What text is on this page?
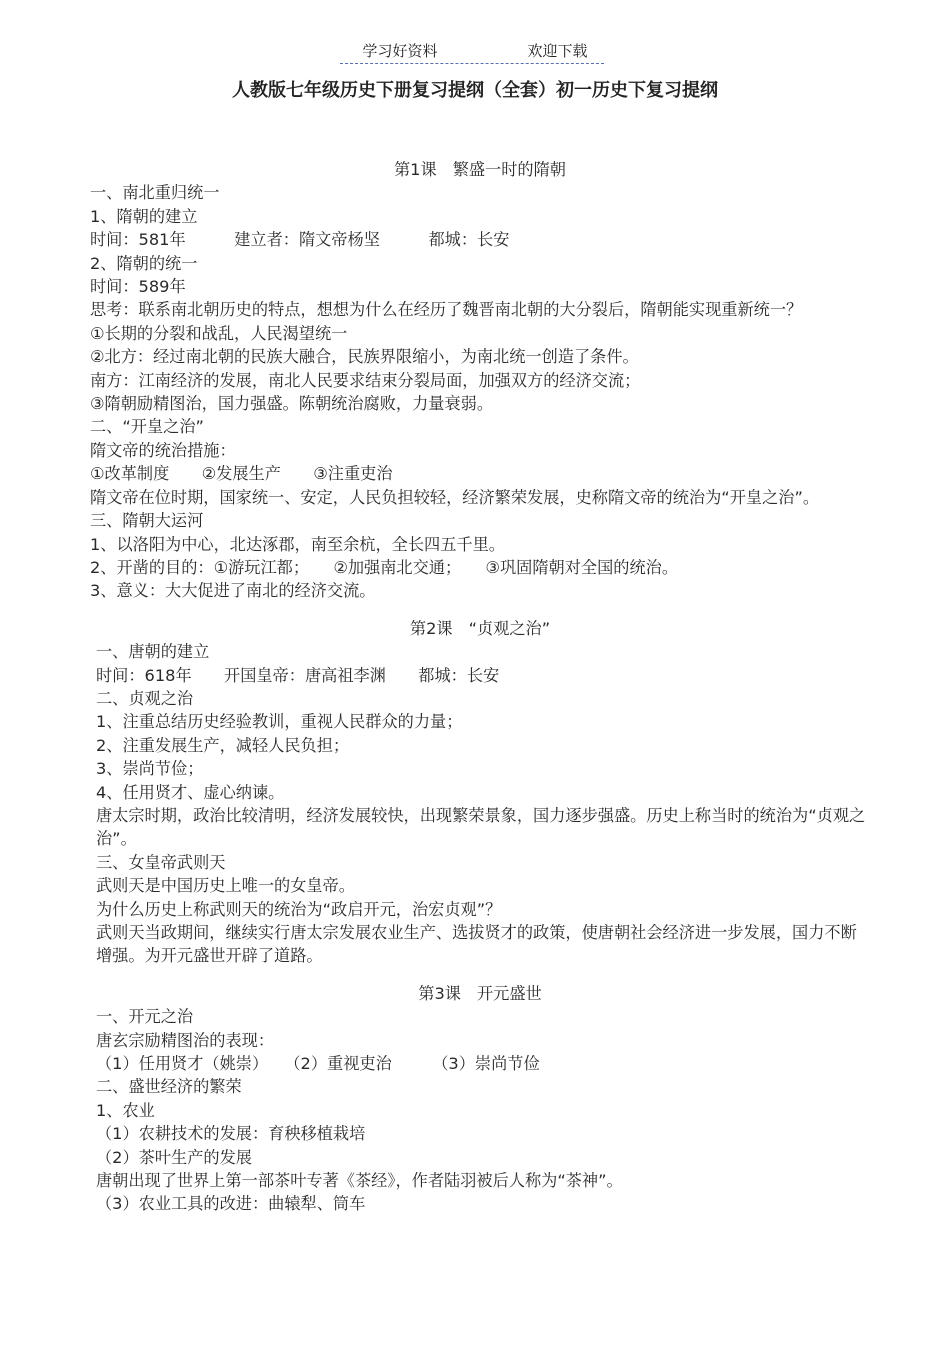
学习好资料	欢迎下载
人教版七年级历史下册复习提纲（全套）初一历史下复习提纲

第1课 繁盛一时的隋朝

一、南北重归统一

1、隋朝的建立

时间：581年　　　建立者：隋文帝杨坚　　　都城：长安

2、隋朝的统一

时间：589年

思考：联系南北朝历史的特点，想想为什么在经历了魏晋南北朝的大分裂后，隋朝能实现重新统一？

①长期的分裂和战乱，人民渴望统一

②北方：经过南北朝的民族大融合，民族界限缩小，为南北统一创造了条件。

南方：江南经济的发展，南北人民要求结束分裂局面，加强双方的经济交流；

③隋朝励精图治，国力强盛。陈朝统治腐败，力量衰弱。

二、“开皇之治”

隋文帝的统治措施：

①改革制度　　②发展生产　　③注重吏治

隋文帝在位时期，国家统一、安定，人民负担较轻，经济繁荣发展，史称隋文帝的统治为“开皇之治”。

三、隋朝大运河

1、以洛阳为中心，北达涿郡，南至余杭，全长四五千里。

2、开凿的目的：①游玩江都；　　②加强南北交通；　　③巩固隋朝对全国的统治。

3、意义：大大促进了南北的经济交流。

第2课 “贞观之治”

一、唐朝的建立

时间：618年　　开国皇帝：唐高祖李渊　　都城：长安

二、贞观之治

1、注重总结历史经验教训，重视人民群众的力量；

2、注重发展生产，减轻人民负担；

3、崇尚节俭；

4、任用贤才、虚心纳谏。

唐太宗时期，政治比较清明，经济发展较快，出现繁荣景象，国力逐步强盛。历史上称当时的统治为“贞观之治”。

三、女皇帝武则天

武则天是中国历史上唯一的女皇帝。

为什么历史上称武则天的统治为“政启开元，治宏贞观”？

武则天当政期间，继续实行唐太宗发展农业生产、选拔贤才的政策，使唐朝社会经济进一步发展，国力不断增强。为开元盛世开辟了道路。

第3课 开元盛世

一、开元之治

唐玄宗励精图治的表现：

（1）任用贤才（姚崇）　　（2）重视吏治　　　（3）崇尚节俭

二、盛世经济的繁荣

1、农业

（1）农耕技术的发展：育秧移植栽培

（2）茶叶生产的发展

唐朝出现了世界上第一部茶叶专著《茶经》，作者陆羽被后人称为“茶神”。

（3）农业工具的改进：曲辕犁、筒车
